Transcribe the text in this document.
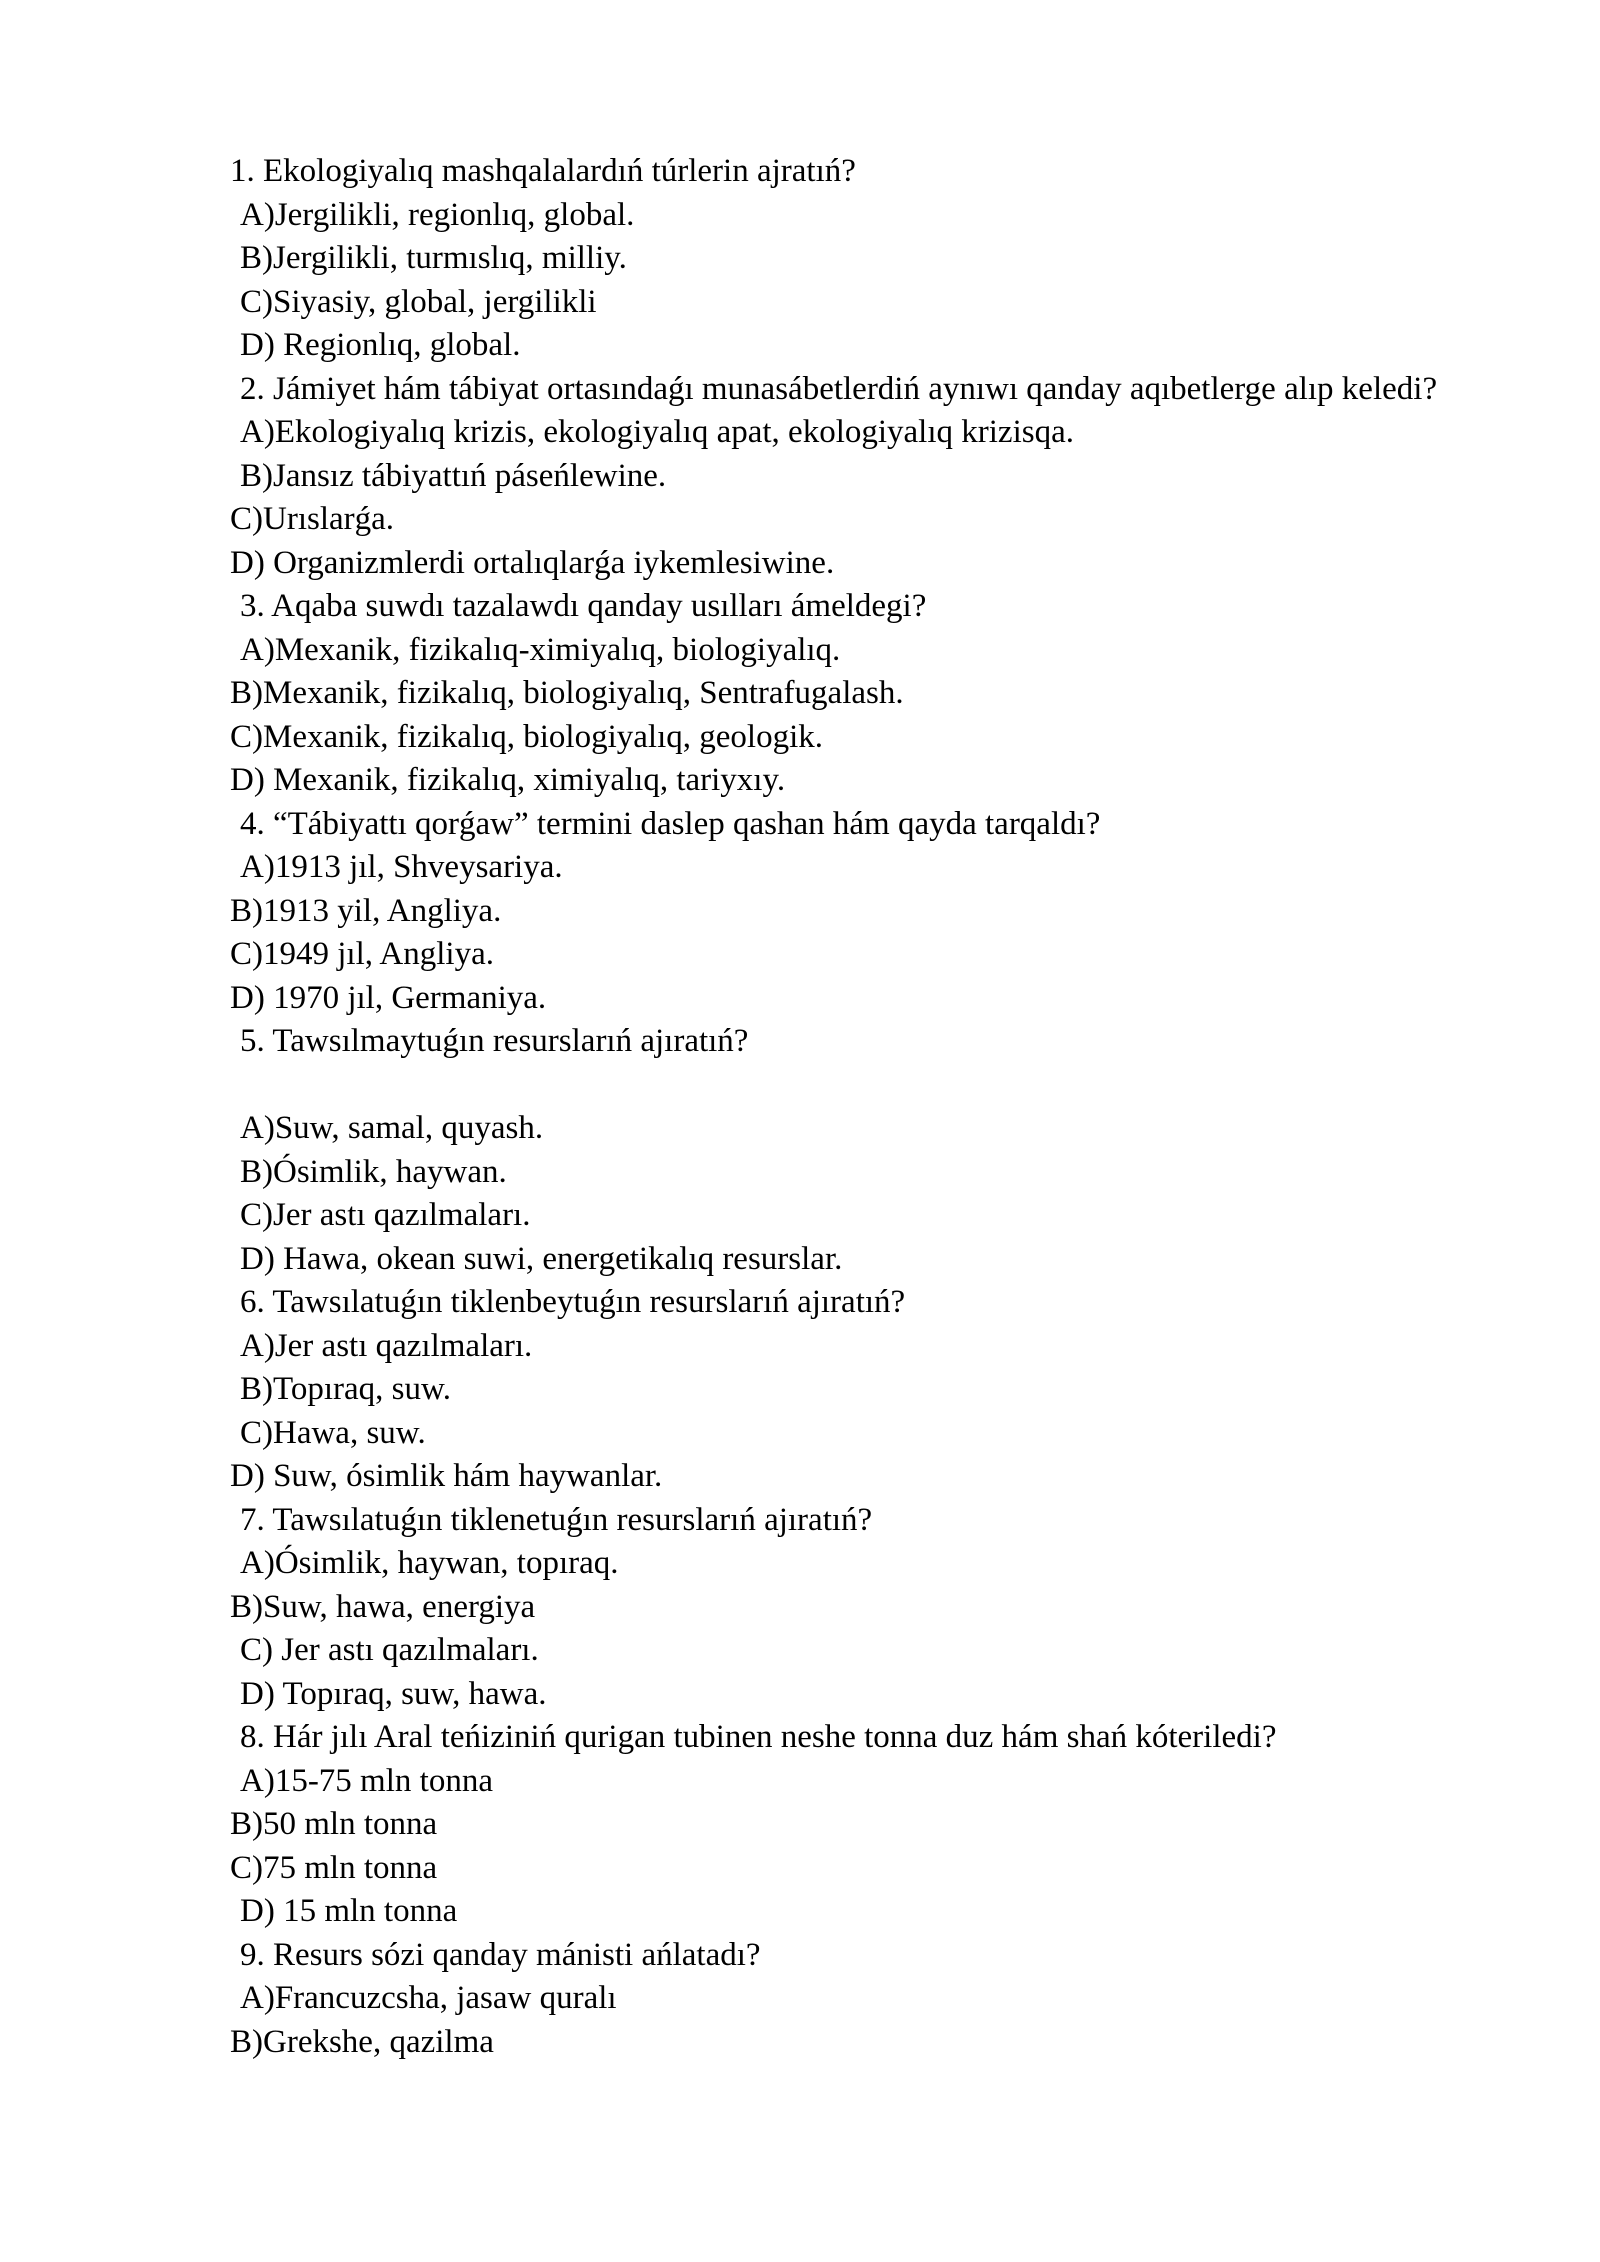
1. Ekologiyalıq mashqalalardıń túrlerin ajratıń?
A)Jergilikli, regionlıq, global.
B)Jergilikli, turmıslıq, milliy.
C)Siyasiy, global, jergilikli
D) Regionlıq, global.
2. Jámiyet hám tábiyat ortasındaǵı munasábetlerdiń aynıwı qanday aqıbetlerge alıp keledi?
A)Ekologiyalıq krizis, ekologiyalıq apat, ekologiyalıq krizisqa.
B)Jansız tábiyattıń páseńlewine.
C)Urıslarǵa.
D) Organizmlerdi ortalıqlarǵa iykemlesiwine.
3. Aqaba suwdı tazalawdı qanday usılları ámeldegi?
A)Mexanik, fizikalıq-ximiyalıq, biologiyalıq.
B)Mexanik, fizikalıq, biologiyalıq, Sentrafugalash.
C)Mexanik, fizikalıq, biologiyalıq, geologik.
D) Mexanik, fizikalıq, ximiyalıq, tariyxıy.
4. “Tábiyattı qorǵaw” termini daslep qashan hám qayda tarqaldı?
A)1913 jıl, Shveysariya.
B)1913 yil, Angliya.
C)1949 jıl, Angliya.
D) 1970 jıl, Germaniya.
5. Tawsılmaytuǵın resurslarıń ajıratıń?
A)Suw, samal, quyash.
B)Ósimlik, haywan.
C)Jer astı qazılmaları.
D) Hawa, okean suwi, energetikalıq resurslar.
6. Tawsılatuǵın tiklenbeytuǵın resurslarıń ajıratıń?
A)Jer astı qazılmaları.
B)Topıraq, suw.
C)Hawa, suw.
D) Suw, ósimlik hám haywanlar.
7. Tawsılatuǵın tiklenetuǵın resurslarıń ajıratıń?
A)Ósimlik, haywan, topıraq.
B)Suw, hawa, energiya
C) Jer astı qazılmaları.
D) Topıraq, suw, hawa.
8. Hár jılı Aral teńiziniń qurigan tubinen neshe tonna duz hám shań kóteriledi?
A)15-75 mln tonna
B)50 mln tonna
C)75 mln tonna
D) 15 mln tonna
9. Resurs sózi qanday mánisti ańlatadı?
A)Francuzcsha, jasaw quralı
B)Grekshe, qazilma
